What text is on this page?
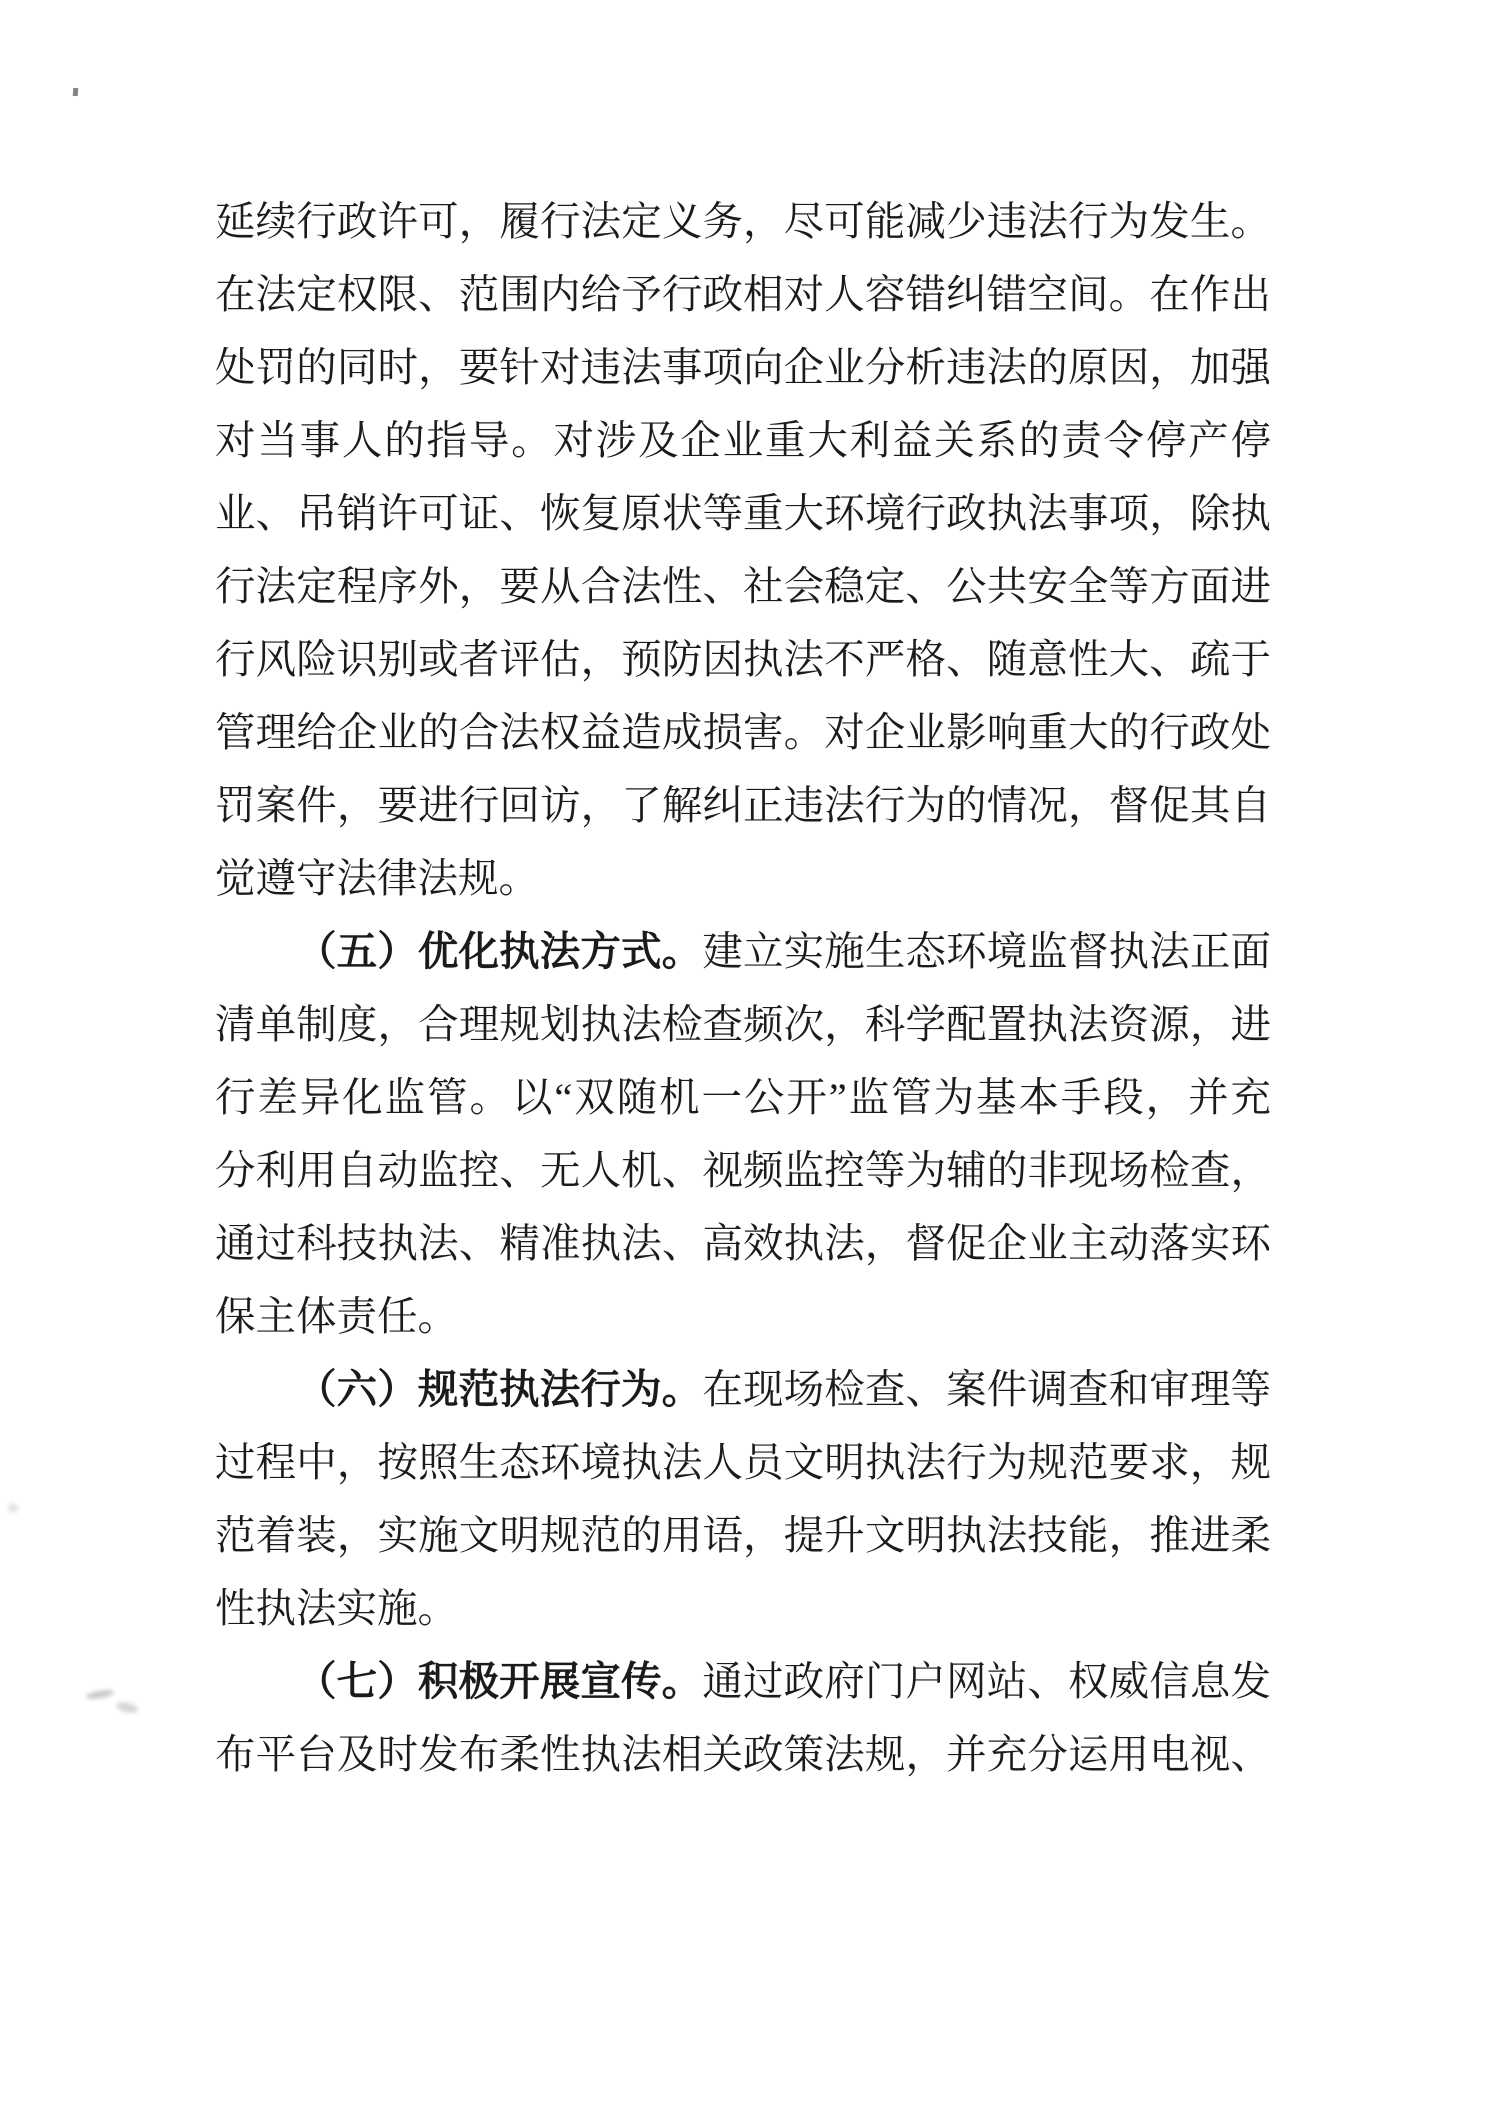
延续行政许可，履行法定义务，尽可能减少违法行为发生。
在法定权限、范围内给予行政相对人容错纠错空间。在作出
处罚的同时，要针对违法事项向企业分析违法的原因，加强
对当事人的指导。对涉及企业重大利益关系的责令停产停
业、吊销许可证、恢复原状等重大环境行政执法事项，除执
行法定程序外，要从合法性、社会稳定、公共安全等方面进
行风险识别或者评估，预防因执法不严格、随意性大、疏于
管理给企业的合法权益造成损害。对企业影响重大的行政处
罚案件，要进行回访，了解纠正违法行为的情况，督促其自
觉遵守法律法规。
（五）优化执法方式。建立实施生态环境监督执法正面
清单制度，合理规划执法检查频次，科学配置执法资源，进
行差异化监管。以“双随机一公开”监管为基本手段，并充
分利用自动监控、无人机、视频监控等为辅的非现场检查，
通过科技执法、精准执法、高效执法，督促企业主动落实环
保主体责任。
（六）规范执法行为。在现场检查、案件调查和审理等
过程中，按照生态环境执法人员文明执法行为规范要求，规
范着装，实施文明规范的用语，提升文明执法技能，推进柔
性执法实施。
（七）积极开展宣传。通过政府门户网站、权威信息发
布平台及时发布柔性执法相关政策法规，并充分运用电视、
